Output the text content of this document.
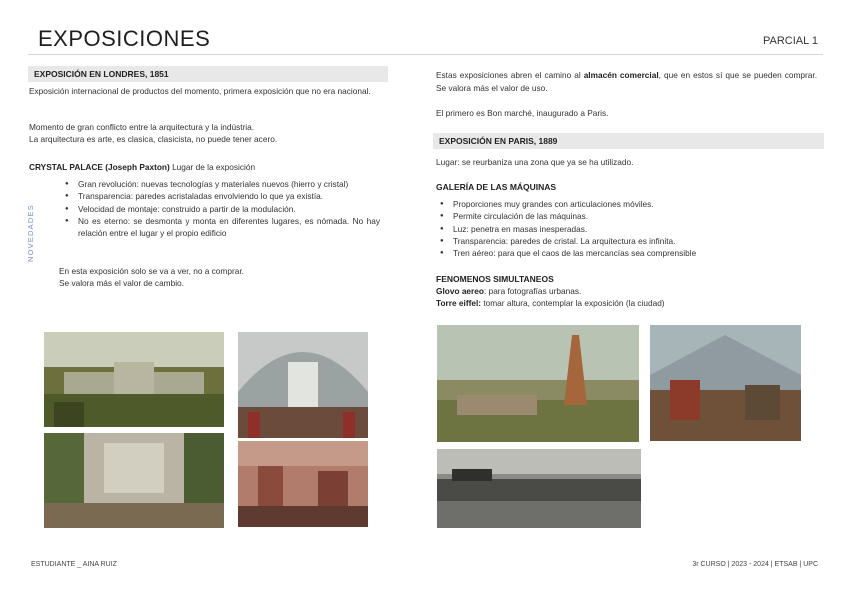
EXPOSICIONES	PARCIAL 1
EXPOSICIÓN EN LONDRES, 1851
Exposición internacional de productos del momento, primera exposición que no era nacional.
Momento de gran conflicto entre la arquitectura y la indústria.
La arquitectura es arte, es clasica, clasicista, no puede tener acero.
CRYSTAL PALACE (Joseph Paxton) Lugar de la exposición
NOVEDADES
● Gran revolución: nuevas tecnologías y materiales nuevos (hierro y cristal)
● Transparencia: paredes acristaladas envolviendo lo que ya existía.
● Velocidad de montaje: construido a partir de la modulación.
● No es eterno: se desmonta y monta en diferentes lugares, es nómada. No hay relación entre el lugar y el propio edificio
En esta exposición solo se va a ver, no a comprar.
Se valora más el valor de cambio.
Estas exposiciones abren el camino al almacén comercial, que en estos sí que se pueden comprar. Se valora más el valor de uso.
El primero es Bon marché, inaugurado a Paris.
EXPOSICIÓN EN PARIS, 1889
Lugar: se reurbaniza una zona que ya se ha utilizado.
GALERÍA DE LAS MÁQUINAS
● Proporciones muy grandes con articulaciones móviles.
● Permite circulación de las máquinas.
● Luz: penetra en masas inesperadas.
● Transparencia: paredes de cristal. La arquitectura es infinita.
● Tren aéreo: para que el caos de las mercancías sea comprensible
FENOMENOS SIMULTANEOS
Glovo aereo: para fotografías urbanas.
Torre eiffel: tomar altura, contemplar la exposición (la ciudad)
ESTUDIANTE _ AINA RUIZ	3r CURSO | 2023 - 2024 | ETSAB | UPC
